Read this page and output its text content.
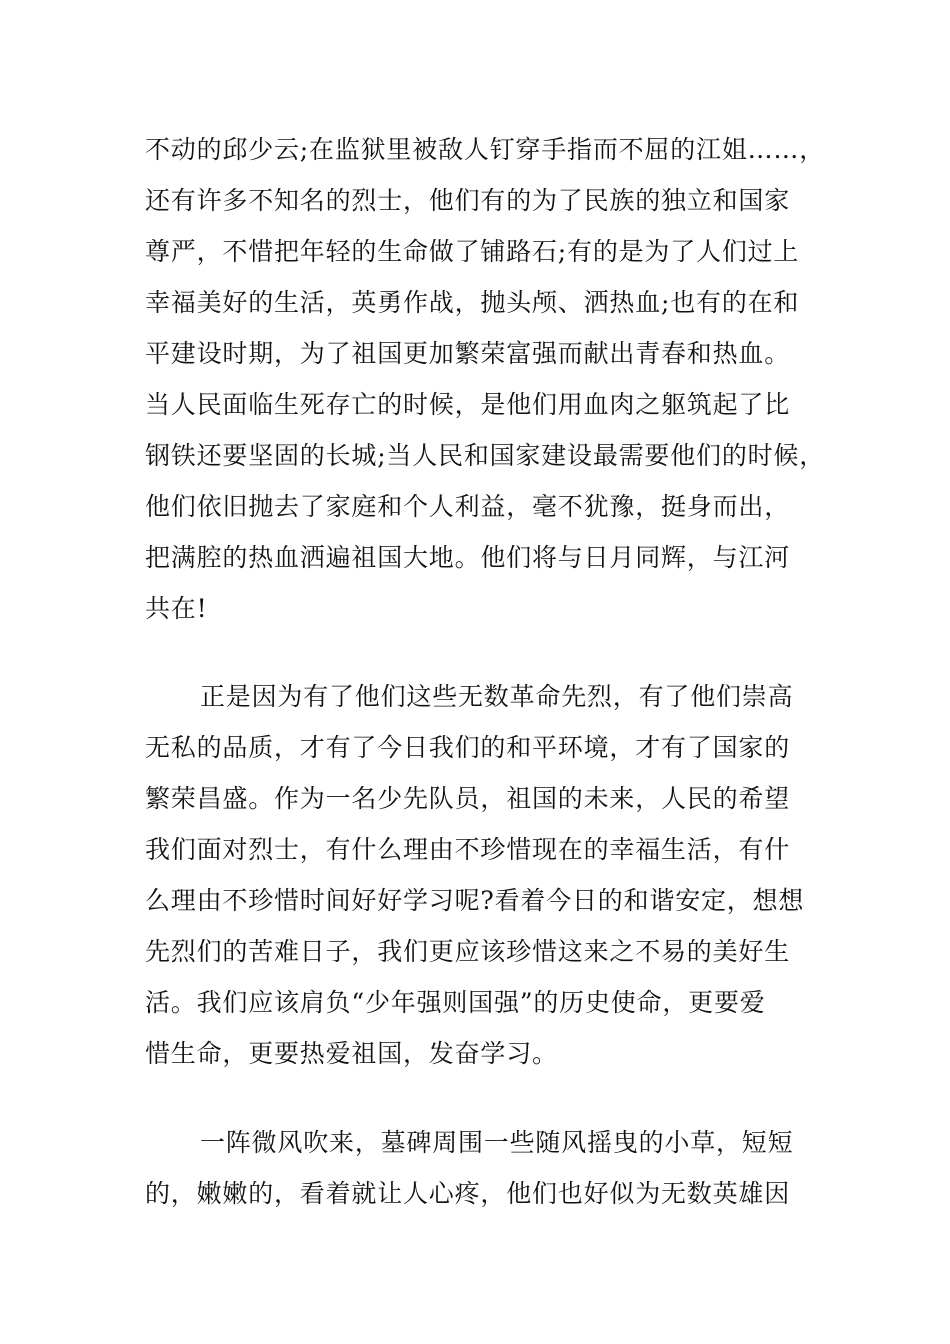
不动的邱少云;在监狱里被敌人钉穿手指而不屈的江姐……，
还有许多不知名的烈士，他们有的为了民族的独立和国家
尊严，不惜把年轻的生命做了铺路石;有的是为了人们过上
幸福美好的生活，英勇作战，抛头颅、洒热血;也有的在和
平建设时期，为了祖国更加繁荣富强而献出青春和热血。
当人民面临生死存亡的时候，是他们用血肉之躯筑起了比
钢铁还要坚固的长城;当人民和国家建设最需要他们的时候，
他们依旧抛去了家庭和个人利益，毫不犹豫，挺身而出，
把满腔的热血洒遍祖国大地。他们将与日月同辉，与江河
共在!
正是因为有了他们这些无数革命先烈，有了他们崇高
无私的品质，才有了今日我们的和平环境，才有了国家的
繁荣昌盛。作为一名少先队员，祖国的未来，人民的希望
我们面对烈士，有什么理由不珍惜现在的幸福生活，有什
么理由不珍惜时间好好学习呢?看着今日的和谐安定，想想
先烈们的苦难日子，我们更应该珍惜这来之不易的美好生
活。我们应该肩负“少年强则国强”的历史使命，更要爱
惜生命，更要热爱祖国，发奋学习。
一阵微风吹来，墓碑周围一些随风摇曳的小草，短短
的，嫩嫩的，看着就让人心疼，他们也好似为无数英雄因
